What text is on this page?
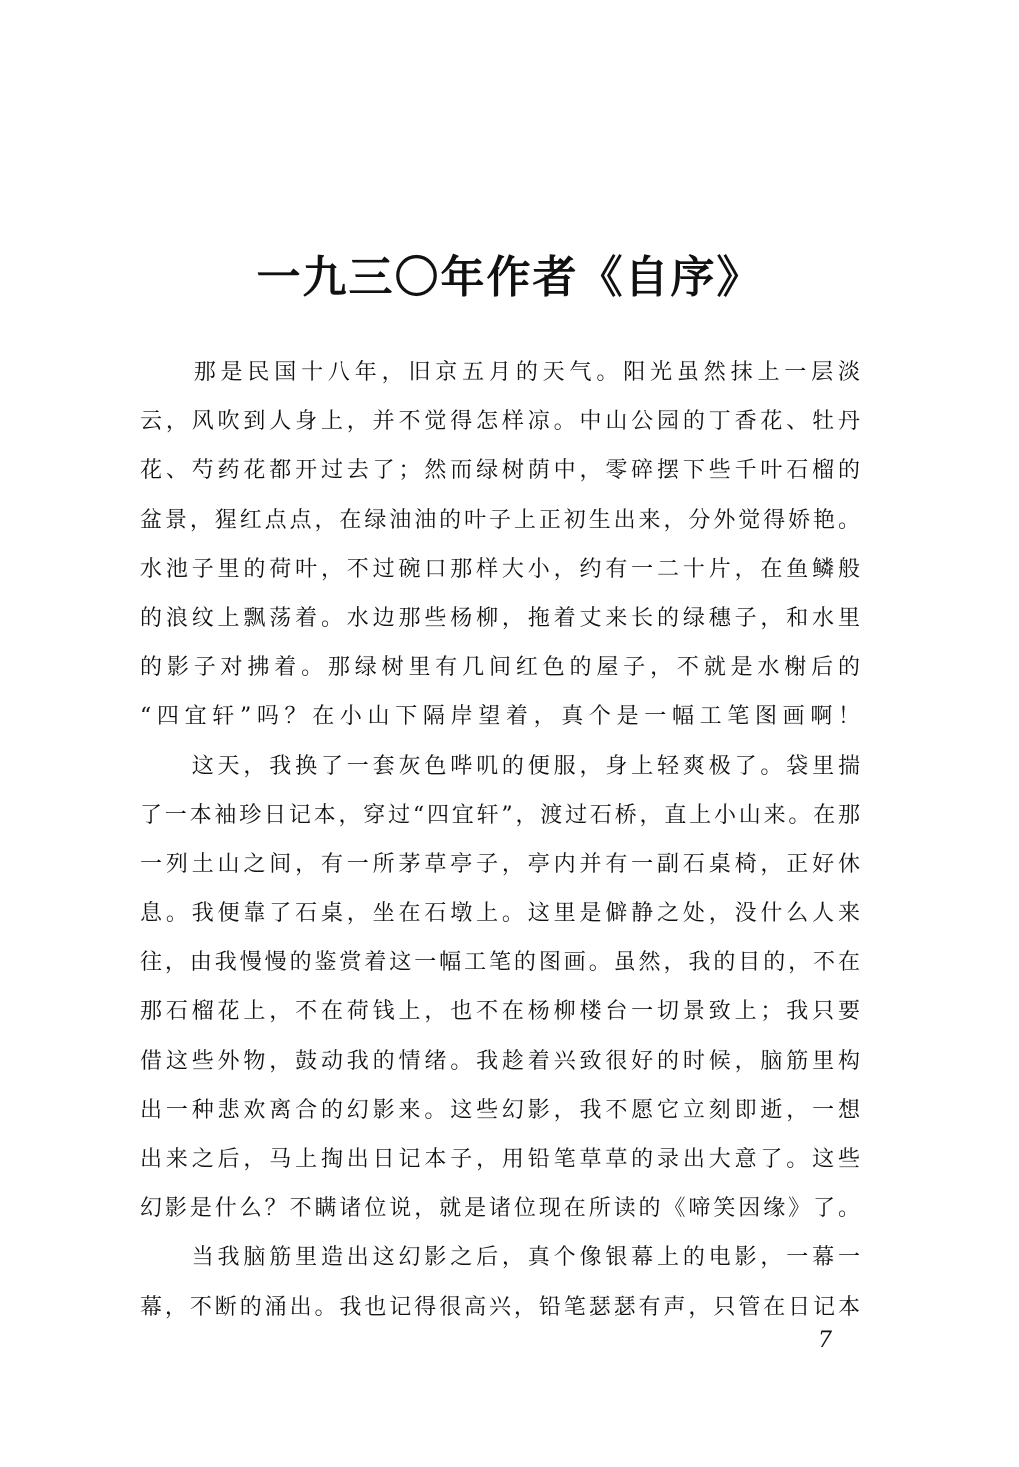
一九三〇年作者《自序》
　　那是民国十八年，旧京五月的天气。阳光虽然抹上一层淡
云，风吹到人身上，并不觉得怎样凉。中山公园的丁香花、牡丹
花、芍药花都开过去了；然而绿树荫中，零碎摆下些千叶石榴的
盆景，猩红点点，在绿油油的叶子上正初生出来，分外觉得娇艳。
水池子里的荷叶，不过碗口那样大小，约有一二十片，在鱼鳞般
的浪纹上飘荡着。水边那些杨柳，拖着丈来长的绿穗子，和水里
的影子对拂着。那绿树里有几间红色的屋子，不就是水榭后的
“四宜轩”吗？在小山下隔岸望着，真个是一幅工笔图画啊！
　　这天，我换了一套灰色哔叽的便服，身上轻爽极了。袋里揣
了一本袖珍日记本，穿过“四宜轩”，渡过石桥，直上小山来。在那
一列土山之间，有一所茅草亭子，亭内并有一副石桌椅，正好休
息。我便靠了石桌，坐在石墩上。这里是僻静之处，没什么人来
往，由我慢慢的鉴赏着这一幅工笔的图画。虽然，我的目的，不在
那石榴花上，不在荷钱上，也不在杨柳楼台一切景致上；我只要
借这些外物，鼓动我的情绪。我趁着兴致很好的时候，脑筋里构
出一种悲欢离合的幻影来。这些幻影，我不愿它立刻即逝，一想
出来之后，马上掏出日记本子，用铅笔草草的录出大意了。这些
幻影是什么？不瞒诸位说，就是诸位现在所读的《啼笑因缘》了。
　　当我脑筋里造出这幻影之后，真个像银幕上的电影，一幕一
幕，不断的涌出。我也记得很高兴，铅笔瑟瑟有声，只管在日记本
7
